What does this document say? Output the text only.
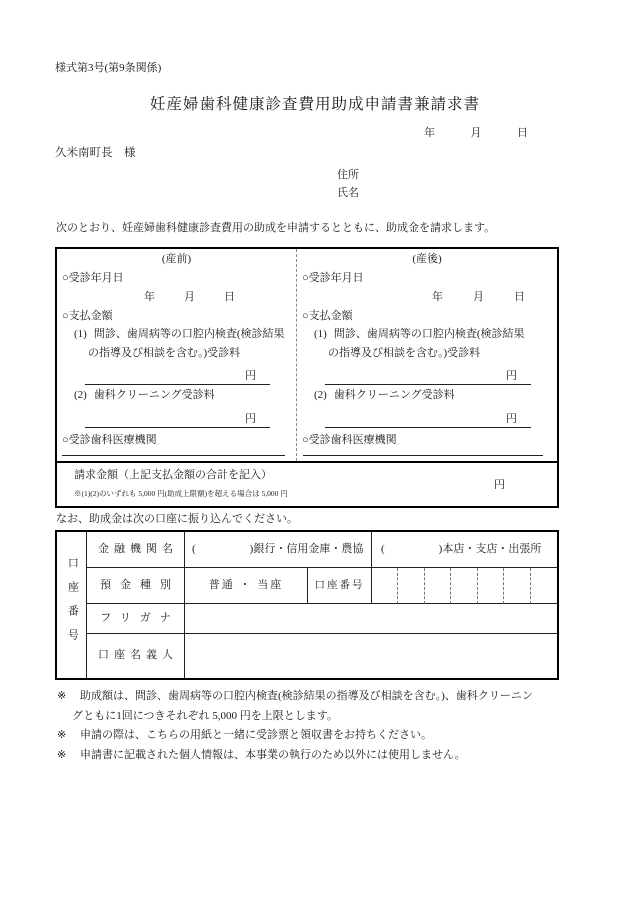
様式第3号(第9条関係)
妊産婦歯科健康診査費用助成申請書兼請求書
年	月	日
久米南町長　様
住所
氏名
次のとおり、妊産婦歯科健康診査費用の助成を申請するとともに、助成金を請求します。
(産前)
○受診年月日
年	月	日
○支払金額
(1) 問診、歯周病等の口腔内検査(検診結果
の指導及び相談を含む。)受診料
円
(2) 歯科クリーニング受診料
円
○受診歯科医療機関
(産後)
○受診年月日
年	月	日
○支払金額
(1) 問診、歯周病等の口腔内検査(検診結果
の指導及び相談を含む。)受診料
円
(2) 歯科クリーニング受診料
円
○受診歯科医療機関
請求金額（上記支払金額の合計を記入）
※(1)(2)のいずれも 5,000 円(助成上限額)を超える場合は 5,000 円
円
なお、助成金は次の口座に振り込んでください。
口座番号
金融機関名	(	)銀行・信用金庫・農協 (	)本店・支店・出張所
預金種別	普通 ・ 当座	口座番号
フリガナ
口座名義人
※ 助成額は、問診、歯周病等の口腔内検査(検診結果の指導及び相談を含む。)、歯科クリーニン
グともに1回につきそれぞれ 5,000 円を上限とします。
※ 申請の際は、こちらの用紙と一緒に受診票と領収書をお持ちください。
※ 申請書に記載された個人情報は、本事業の執行のため以外には使用しません。
